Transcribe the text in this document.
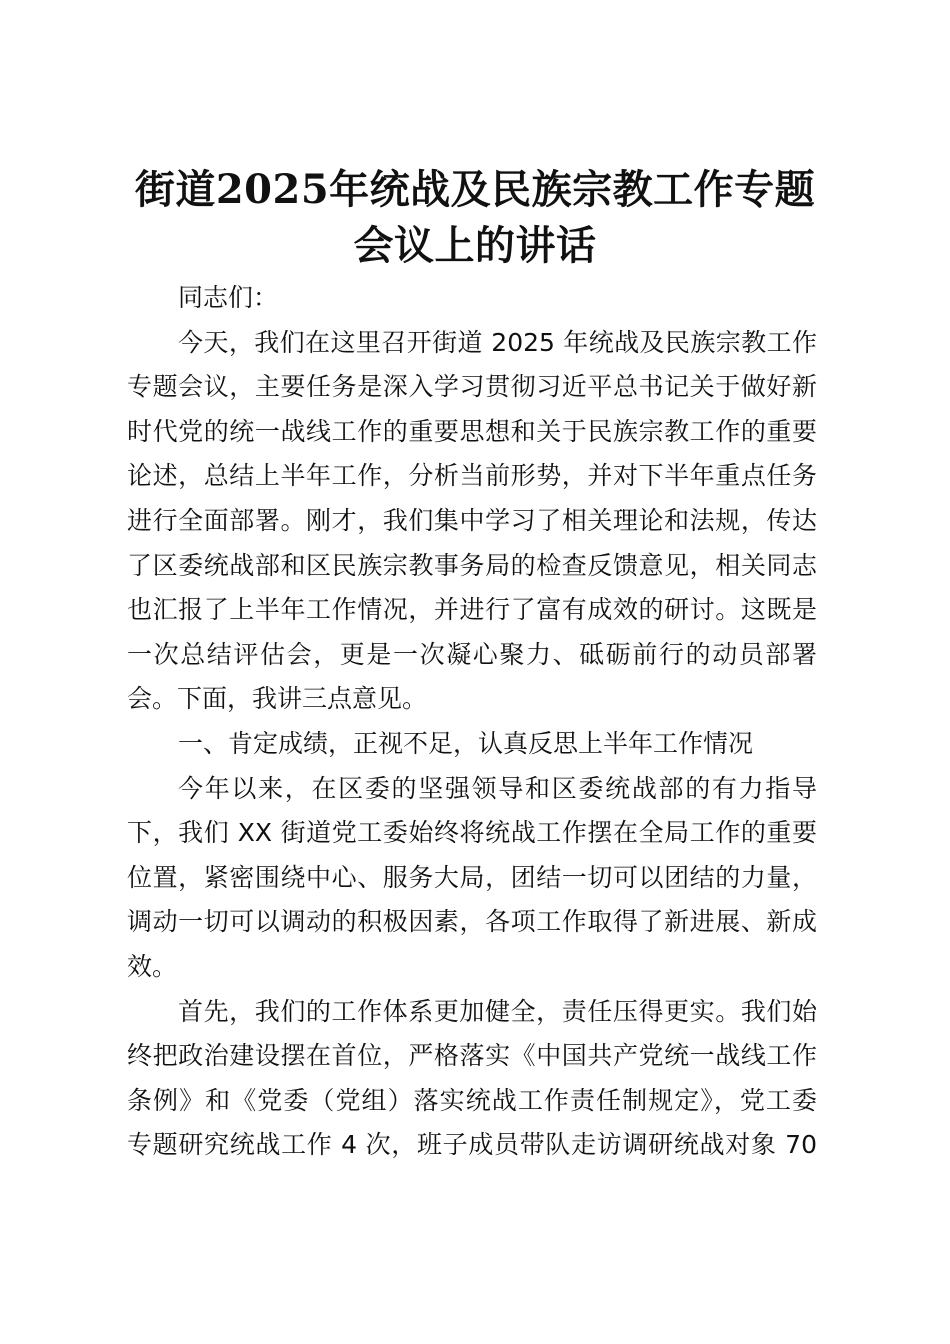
街道2025年统战及民族宗教工作专题
会议上的讲话
同志们：
今天，我们在这里召开街道 2025 年统战及民族宗教工作
专题会议，主要任务是深入学习贯彻习近平总书记关于做好新
时代党的统一战线工作的重要思想和关于民族宗教工作的重要
论述，总结上半年工作，分析当前形势，并对下半年重点任务
进行全面部署。刚才，我们集中学习了相关理论和法规，传达
了区委统战部和区民族宗教事务局的检查反馈意见，相关同志
也汇报了上半年工作情况，并进行了富有成效的研讨。这既是
一次总结评估会，更是一次凝心聚力、砥砺前行的动员部署
会。下面，我讲三点意见。
一、肯定成绩，正视不足，认真反思上半年工作情况
今年以来，在区委的坚强领导和区委统战部的有力指导
下，我们 XX 街道党工委始终将统战工作摆在全局工作的重要
位置，紧密围绕中心、服务大局，团结一切可以团结的力量，
调动一切可以调动的积极因素，各项工作取得了新进展、新成
效。
首先，我们的工作体系更加健全，责任压得更实。我们始
终把政治建设摆在首位，严格落实《中国共产党统一战线工作
条例》和《党委（党组）落实统战工作责任制规定》，党工委
专题研究统战工作 4 次，班子成员带队走访调研统战对象 70
